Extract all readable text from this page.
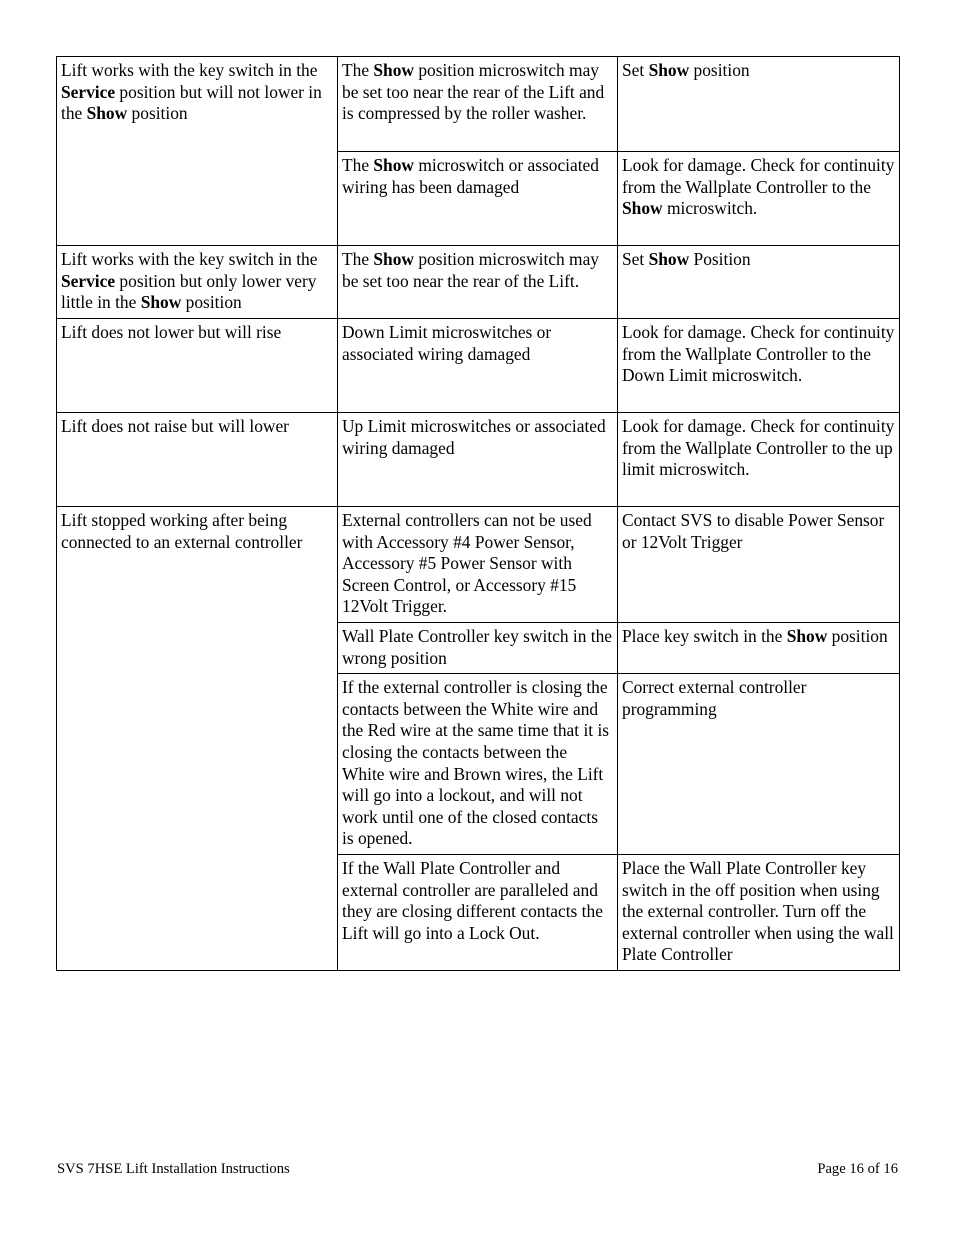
Lift works with the key switch in the Service position but will not lower in the Show position	The Show position microswitch may be set too near the rear of the Lift and is compressed by the roller washer.	Set Show position
	The Show microswitch or associated wiring has been damaged	Look for damage. Check for continuity from the Wallplate Controller to the Show microswitch.
Lift works with the key switch in the Service position but only lower very little in the Show position	The Show position microswitch may be set too near the rear of the Lift.	Set Show Position
Lift does not lower but will rise	Down Limit microswitches or associated wiring damaged	Look for damage. Check for continuity from the Wallplate Controller to the Down Limit microswitch.
Lift does not raise but will lower	Up Limit microswitches or associated wiring damaged	Look for damage. Check for continuity from the Wallplate Controller to the up limit microswitch.
Lift stopped working after being connected to an external controller	External controllers can not be used with Accessory #4 Power Sensor, Accessory #5 Power Sensor with Screen Control, or Accessory #15 12Volt Trigger.	Contact SVS to disable Power Sensor or 12Volt Trigger
	Wall Plate Controller key switch in the wrong position	Place key switch in the Show position
	If the external controller is closing the contacts between the White wire and the Red wire at the same time that it is closing the contacts between the White wire and Brown wires, the Lift will go into a lockout, and will not work until one of the closed contacts is opened.	Correct external controller programming
	If the Wall Plate Controller and external controller are paralleled and they are closing different contacts the Lift will go into a Lock Out.	Place the Wall Plate Controller key switch in the off position when using the external controller. Turn off the external controller when using the wall Plate Controller
SVS 7HSE Lift Installation Instructions	Page 16 of 16
